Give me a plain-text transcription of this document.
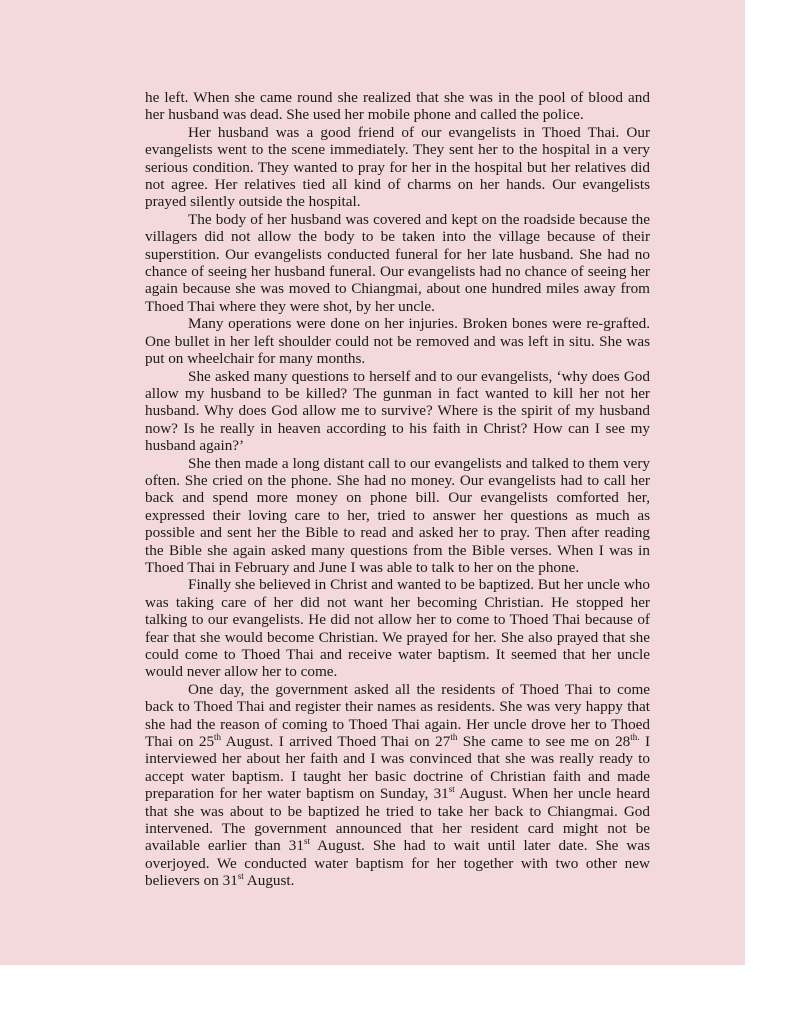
he left. When she came round she realized that she was in the pool of blood and her husband was dead. She used her mobile phone and called the police.

Her husband was a good friend of our evangelists in Thoed Thai. Our evangelists went to the scene immediately. They sent her to the hospital in a very serious condition. They wanted to pray for her in the hospital but her relatives did not agree. Her relatives tied all kind of charms on her hands. Our evangelists prayed silently outside the hospital.

The body of her husband was covered and kept on the roadside because the villagers did not allow the body to be taken into the village because of their superstition. Our evangelists conducted funeral for her late husband. She had no chance of seeing her husband funeral. Our evangelists had no chance of seeing her again because she was moved to Chiangmai, about one hundred miles away from Thoed Thai where they were shot, by her uncle.

Many operations were done on her injuries. Broken bones were re-grafted. One bullet in her left shoulder could not be removed and was left in situ. She was put on wheelchair for many months.

She asked many questions to herself and to our evangelists, ‘why does God allow my husband to be killed? The gunman in fact wanted to kill her not her husband. Why does God allow me to survive? Where is the spirit of my husband now? Is he really in heaven according to his faith in Christ? How can I see my husband again?’

She then made a long distant call to our evangelists and talked to them very often. She cried on the phone. She had no money. Our evangelists had to call her back and spend more money on phone bill. Our evangelists comforted her, expressed their loving care to her, tried to answer her questions as much as possible and sent her the Bible to read and asked her to pray. Then after reading the Bible she again asked many questions from the Bible verses. When I was in Thoed Thai in February and June I was able to talk to her on the phone.

Finally she believed in Christ and wanted to be baptized. But her uncle who was taking care of her did not want her becoming Christian. He stopped her talking to our evangelists. He did not allow her to come to Thoed Thai because of fear that she would become Christian. We prayed for her. She also prayed that she could come to Thoed Thai and receive water baptism. It seemed that her uncle would never allow her to come.

One day, the government asked all the residents of Thoed Thai to come back to Thoed Thai and register their names as residents. She was very happy that she had the reason of coming to Thoed Thai again. Her uncle drove her to Thoed Thai on 25th August. I arrived Thoed Thai on 27th She came to see me on $28^{th.}$ I interviewed her about her faith and I was convinced that she was really ready to accept water baptism. I taught her basic doctrine of Christian faith and made preparation for her water baptism on Sunday, 31st August. When her uncle heard that she was about to be baptized he tried to take her back to Chiangmai. God intervened. The government announced that her resident card might not be available earlier than 31st August. She had to wait until later date. She was overjoyed. We conducted water baptism for her together with two other new believers on 31st August.
